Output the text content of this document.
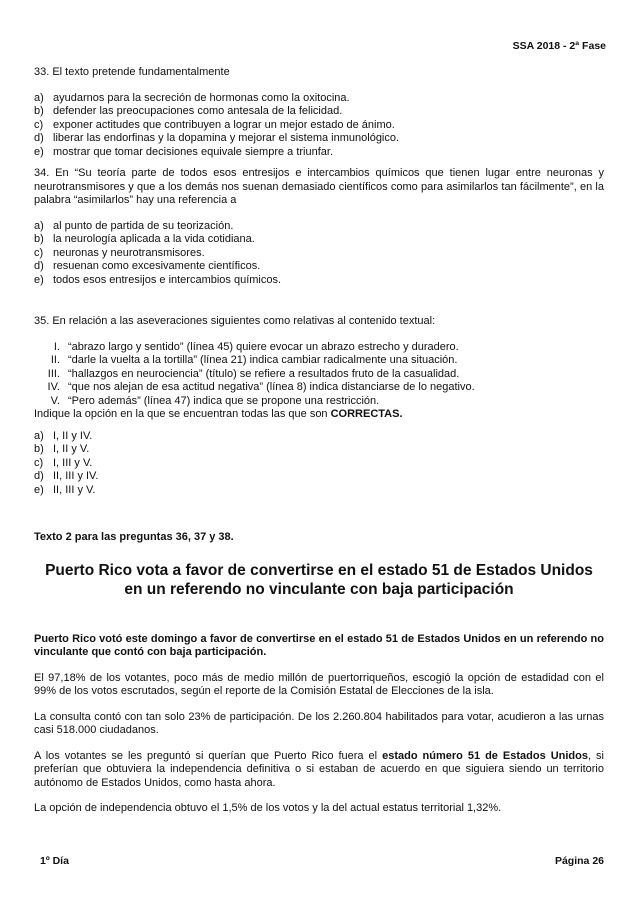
SSA 2018 - 2ª Fase

33. El texto pretende fundamentalmente

a) ayudarnos para la secreción de hormonas como la oxitocina.
b) defender las preocupaciones como antesala de la felicidad.
c) exponer actitudes que contribuyen a lograr un mejor estado de ánimo.
d) liberar las endorfinas y la dopamina y mejorar el sistema inmunológico.
e) mostrar que tomar decisiones equivale siempre a triunfar.

34. En “Su teoría parte de todos esos entresijos e intercambios químicos que tienen lugar entre neuronas y neurotransmisores y que a los demás nos suenan demasiado científicos como para asimilarlos tan fácilmente”, en la palabra “asimilarlos” hay una referencia a

a) al punto de partida de su teorización.
b) la neurología aplicada a la vida cotidiana.
c) neuronas y neurotransmisores.
d) resuenan como excesivamente científicos.
e) todos esos entresijos e intercambios químicos.

35. En relación a las aseveraciones siguientes como relativas al contenido textual:

I. “abrazo largo y sentido” (línea 45) quiere evocar un abrazo estrecho y duradero.
II. “darle la vuelta a la tortilla” (línea 21) indica cambiar radicalmente una situación.
III. “hallazgos en neurociencia” (título) se refiere a resultados fruto de la casualidad.
IV. “que nos alejan de esa actitud negativa” (línea 8) indica distanciarse de lo negativo.
V. “Pero además” (línea 47) indica que se propone una restricción.

Indique la opción en la que se encuentran todas las que son CORRECTAS.

a) I, II y IV.
b) I, II y V.
c) I, III y V.
d) II, III y IV.
e) II, III y V.

Texto 2 para las preguntas 36, 37 y 38.

Puerto Rico vota a favor de convertirse en el estado 51 de Estados Unidos en un referendo no vinculante con baja participación

Puerto Rico votó este domingo a favor de convertirse en el estado 51 de Estados Unidos en un referendo no vinculante que contó con baja participación.

El 97,18% de los votantes, poco más de medio millón de puertorriqueños, escogió la opción de estadidad con el 99% de los votos escrutados, según el reporte de la Comisión Estatal de Elecciones de la isla.

La consulta contó con tan solo 23% de participación. De los 2.260.804 habilitados para votar, acudieron a las urnas casi 518.000 ciudadanos.

A los votantes se les preguntó si querían que Puerto Rico fuera el estado número 51 de Estados Unidos, si preferían que obtuviera la independencia definitiva o si estaban de acuerdo en que siguiera siendo un territorio autónomo de Estados Unidos, como hasta ahora.

La opción de independencia obtuvo el 1,5% de los votos y la del actual estatus territorial 1,32%.

1º Día	Página 26
